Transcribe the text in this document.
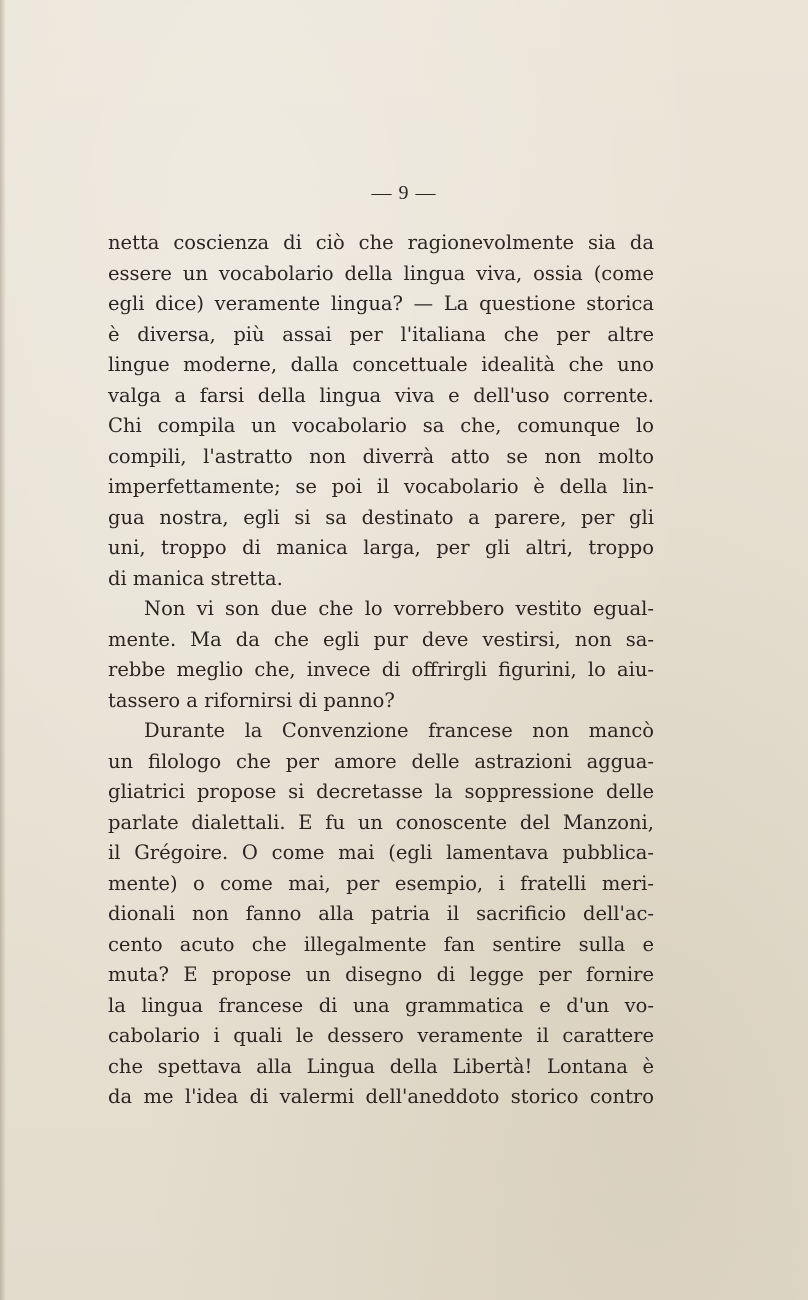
— 9 —
netta coscienza di ciò che ragionevolmente sia da
essere un vocabolario della lingua viva, ossia (come
egli dice) veramente lingua? — La questione storica
è diversa, più assai per l'italiana che per altre
lingue moderne, dalla concettuale idealità che uno
valga a farsi della lingua viva e dell'uso corrente.
Chi compila un vocabolario sa che, comunque lo
compili, l'astratto non diverrà atto se non molto
imperfettamente; se poi il vocabolario è della lin-
gua nostra, egli si sa destinato a parere, per gli
uni, troppo di manica larga, per gli altri, troppo
di manica stretta.
Non vi son due che lo vorrebbero vestito egual-
mente. Ma da che egli pur deve vestirsi, non sa-
rebbe meglio che, invece di offrirgli figurini, lo aiu-
tassero a rifornirsi di panno?
Durante la Convenzione francese non mancò
un filologo che per amore delle astrazioni aggua-
gliatrici propose si decretasse la soppressione delle
parlate dialettali. E fu un conoscente del Manzoni,
il Grégoire. O come mai (egli lamentava pubblica-
mente) o come mai, per esempio, i fratelli meri-
dionali non fanno alla patria il sacrificio dell'ac-
cento acuto che illegalmente fan sentire sulla e
muta? E propose un disegno di legge per fornire
la lingua francese di una grammatica e d'un vo-
cabolario i quali le dessero veramente il carattere
che spettava alla Lingua della Libertà! Lontana è
da me l'idea di valermi dell'aneddoto storico contro
